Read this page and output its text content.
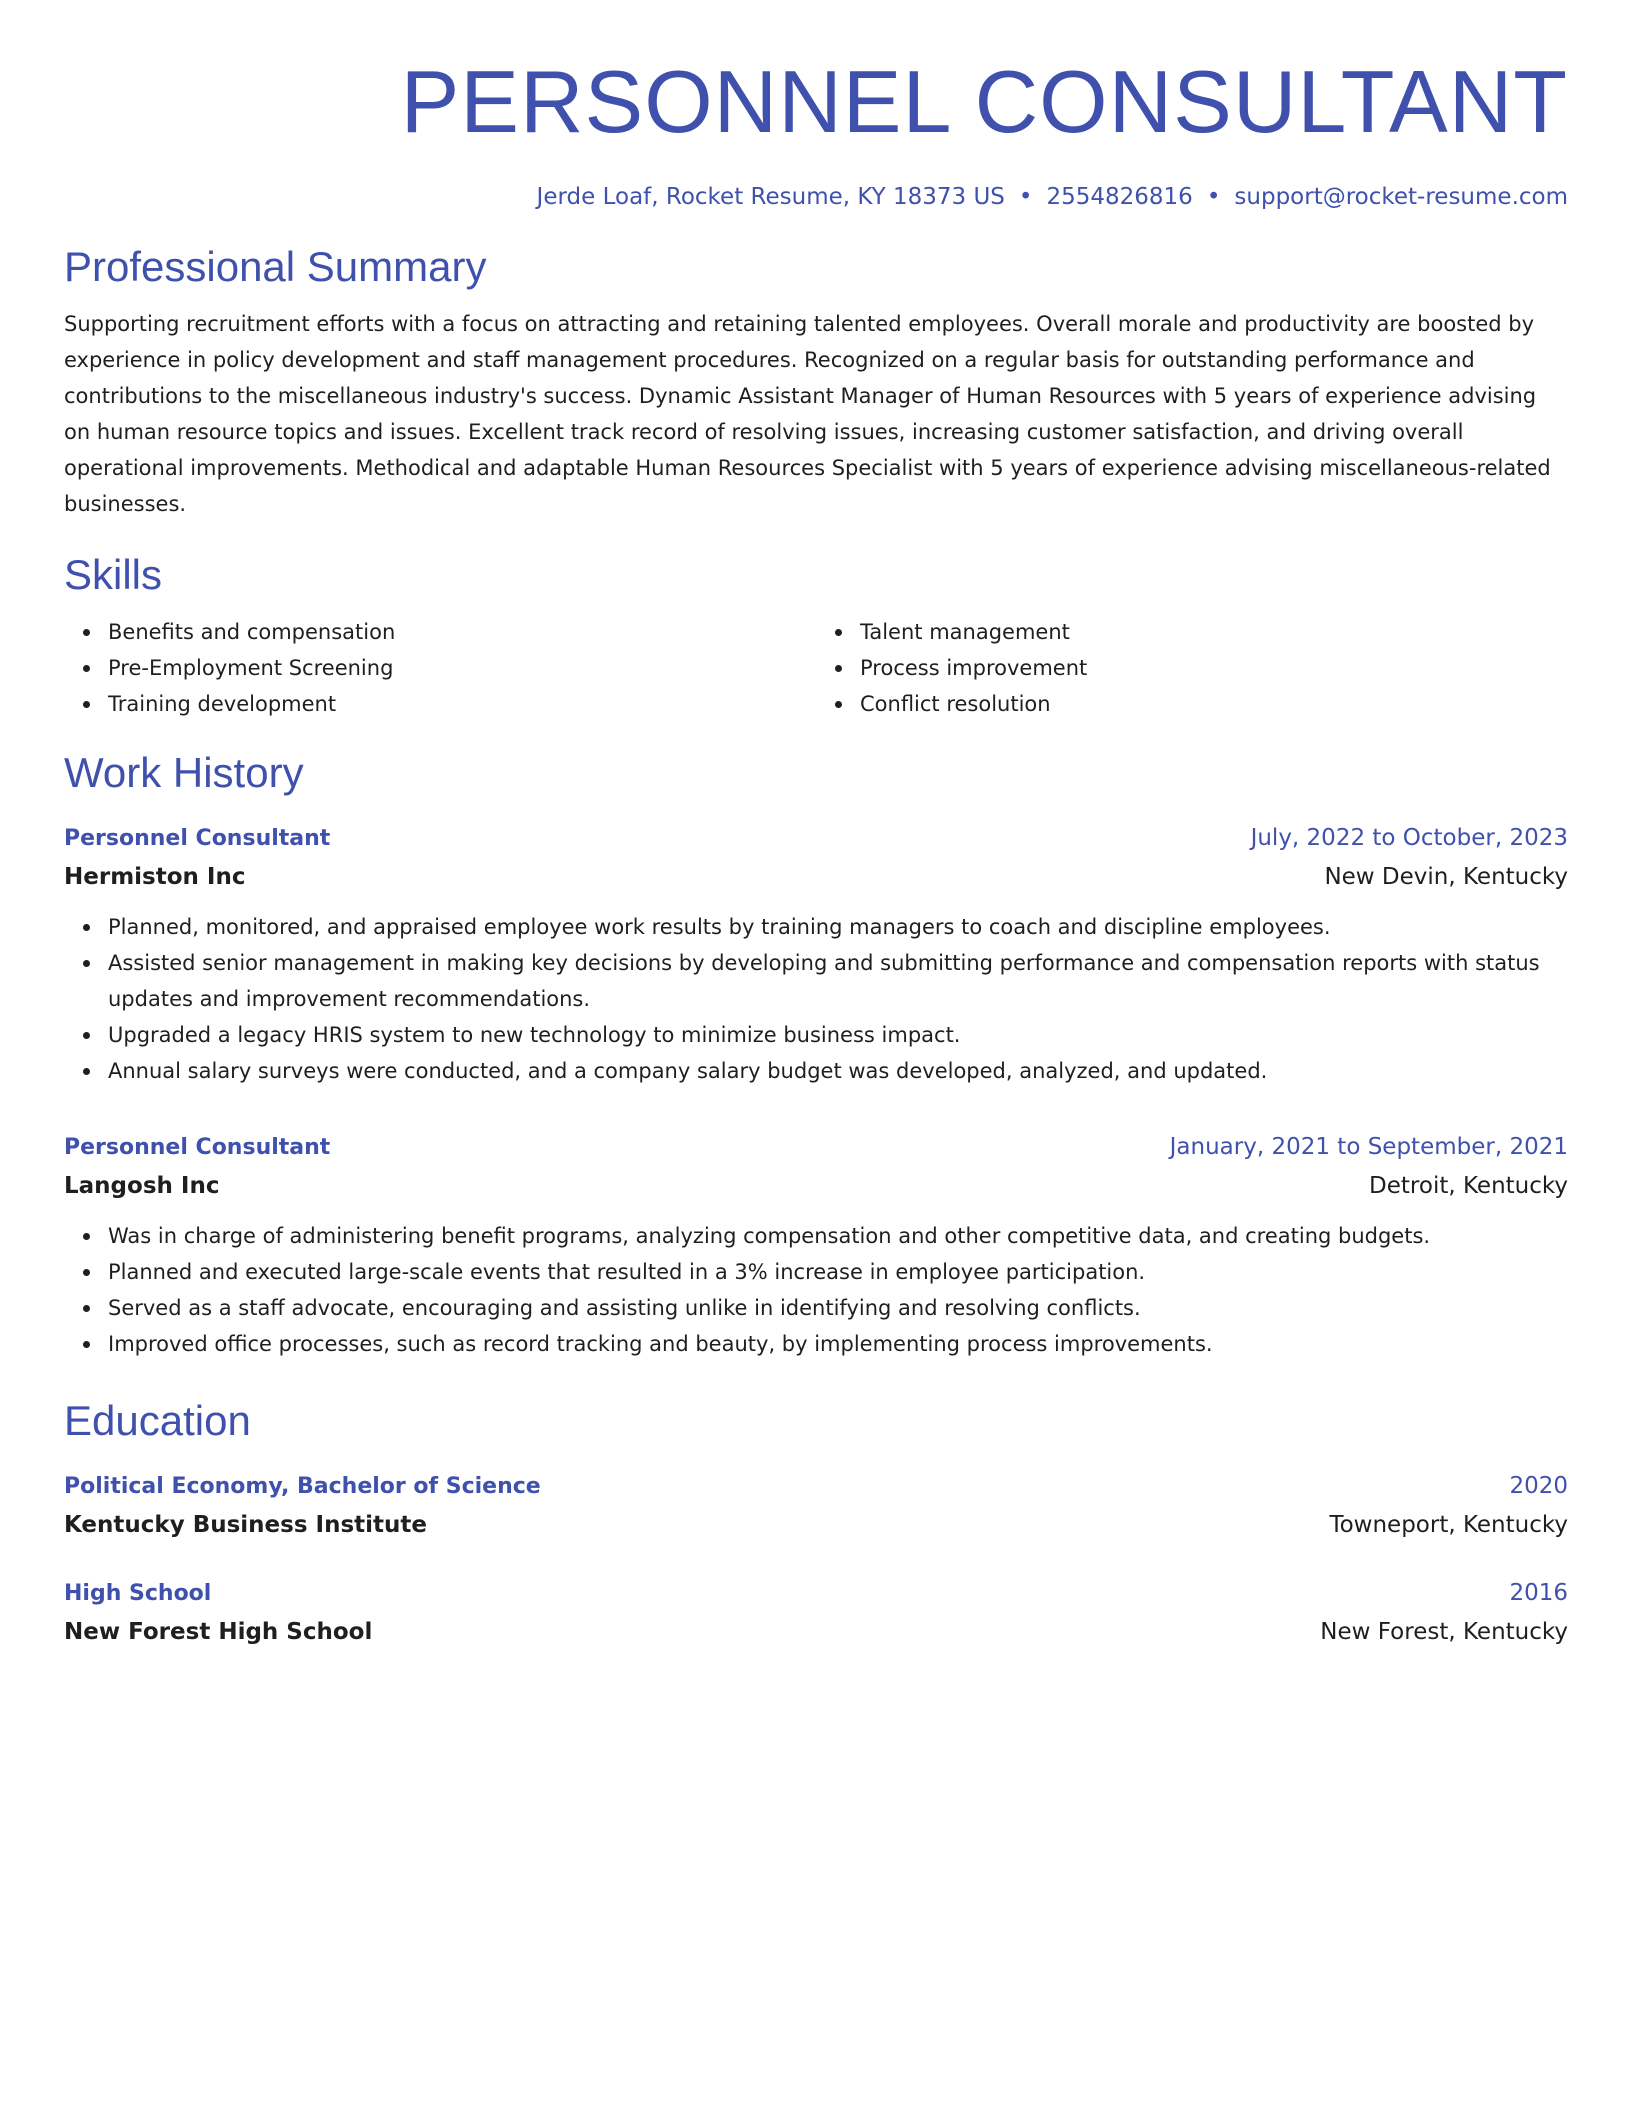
PERSONNEL CONSULTANT
Jerde Loaf, Rocket Resume, KY 18373 US • 2554826816 • support@rocket-resume.com
Professional Summary

Supporting recruitment efforts with a focus on attracting and retaining talented employees. Overall morale and productivity are boosted by experience in policy development and staff management procedures. Recognized on a regular basis for outstanding performance and contributions to the miscellaneous industry's success. Dynamic Assistant Manager of Human Resources with 5 years of experience advising on human resource topics and issues. Excellent track record of resolving issues, increasing customer satisfaction, and driving overall operational improvements. Methodical and adaptable Human Resources Specialist with 5 years of experience advising miscellaneous-related businesses.

Skills
Benefits and compensation
Pre-Employment Screening
Training development
Talent management
Process improvement
Conflict resolution
Work History
Personnel Consultant	July, 2022 to October, 2023
Hermiston Inc	New Devin, Kentucky
Planned, monitored, and appraised employee work results by training managers to coach and discipline employees.
Assisted senior management in making key decisions by developing and submitting performance and compensation reports with status updates and improvement recommendations.
Upgraded a legacy HRIS system to new technology to minimize business impact.
Annual salary surveys were conducted, and a company salary budget was developed, analyzed, and updated.
Personnel Consultant	January, 2021 to September, 2021
Langosh Inc	Detroit, Kentucky
Was in charge of administering benefit programs, analyzing compensation and other competitive data, and creating budgets.
Planned and executed large-scale events that resulted in a 3% increase in employee participation.
Served as a staff advocate, encouraging and assisting unlike in identifying and resolving conflicts.
Improved office processes, such as record tracking and beauty, by implementing process improvements.
Education
Political Economy, Bachelor of Science	2020
Kentucky Business Institute	Towneport, Kentucky
High School	2016
New Forest High School	New Forest, Kentucky
